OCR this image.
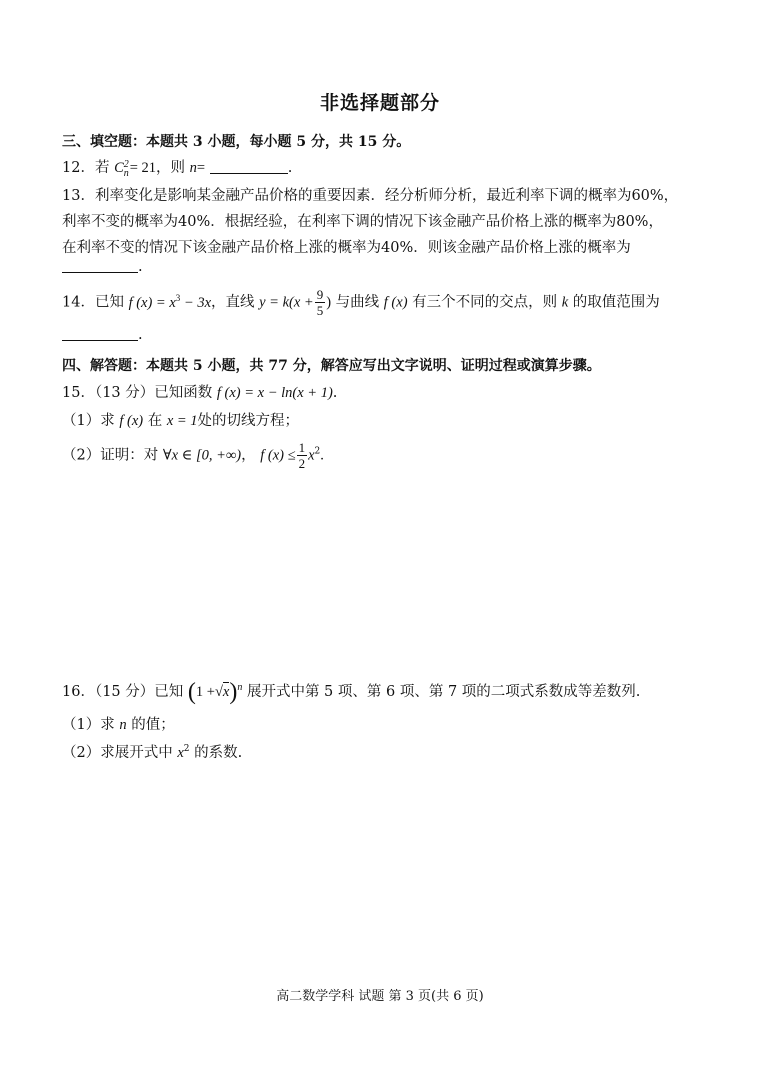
非选择题部分
三、填空题：本题共 3 小题，每小题 5 分，共 15 分。
12．若 C2
n= 21，则 n=	.
13．利率变化是影响某金融产品价格的重要因素．经分析师分析，最近利率下调的概率为60%，
利率不变的概率为40%．根据经验，在利率下调的情况下该金融产品价格上涨的概率为80%，
在利率不变的情况下该金融产品价格上涨的概率为40%．则该金融产品价格上涨的概率为
.
14．已知 f $(x) = x^3 - 3x$，直线 $y = k(x + \frac{9}{5}$ ) 与曲线 f (x) 有三个不同的交点，则 k 的取值范围为
.
四、解答题：本题共 5 小题，共 77 分，解答应写出文字说明、证明过程或演算步骤。
15．（13 分）已知函数 f (x) = x − ln(x + 1).
（1）求 f (x) 在 x = 1处的切线方程；
（2）证明：对 ∀x ∈ [0, +∞)， f $(x) \le \frac{1}{2} x^2$.
16．（15 分）已知 $(1 +√x)^n$ 展开式中第 5 项、第 6 项、第 7 项的二项式系数成等差数列.
（1）求 n 的值；
（2）求展开式中 $x^2$ 的系数.
高二数学学科 试题 第 3 页(共 6 页)
